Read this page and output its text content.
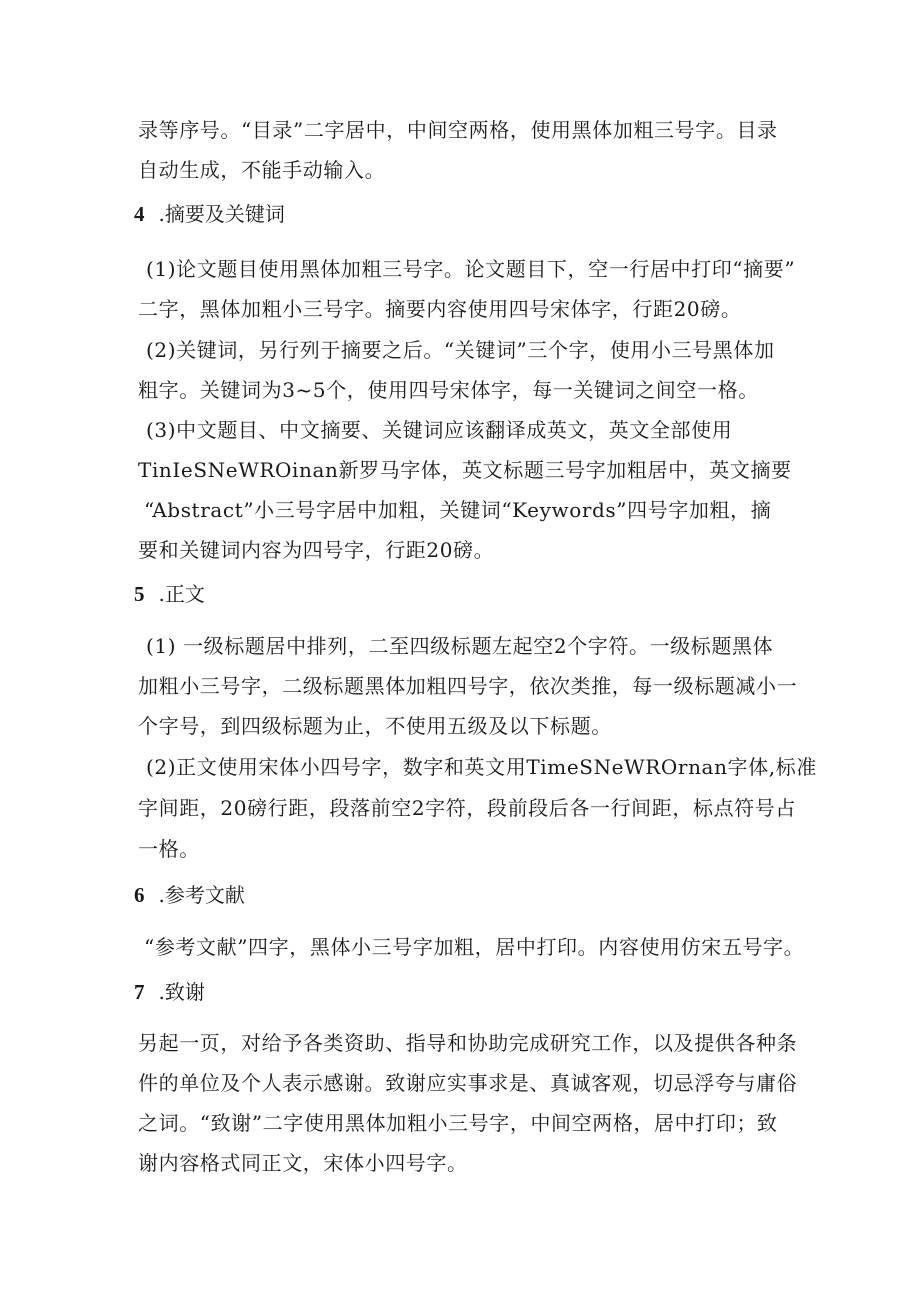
录等序号。“目录”二字居中，中间空两格，使用黑体加粗三号字。目录
自动生成，不能手动输入。
4 .摘要及关键词
(1)论文题目使用黑体加粗三号字。论文题目下，空一行居中打印“摘要”
二字，黑体加粗小三号字。摘要内容使用四号宋体字，行距20磅。
(2)关键词，另行列于摘要之后。“关键词”三个字，使用小三号黑体加
粗字。关键词为3~5个，使用四号宋体字，每一关键词之间空一格。
(3)中文题目、中文摘要、关键词应该翻译成英文，英文全部使用
TinIeSNeWROinan新罗马字体，英文标题三号字加粗居中，英文摘要
“Abstract”小三号字居中加粗，关键词“Keywords”四号字加粗，摘
要和关键词内容为四号字，行距20磅。
5 .正文
(1) 一级标题居中排列，二至四级标题左起空2个字符。一级标题黑体
加粗小三号字，二级标题黑体加粗四号字，依次类推，每一级标题减小一
个字号，到四级标题为止，不使用五级及以下标题。
(2)正文使用宋体小四号字，数字和英文用TimeSNeWROrnan字体,标准
字间距，20磅行距，段落前空2字符，段前段后各一行间距，标点符号占
一格。
6 .参考文献
“参考文献”四字，黑体小三号字加粗，居中打印。内容使用仿宋五号字。
7 .致谢
另起一页，对给予各类资助、指导和协助完成研究工作，以及提供各种条
件的单位及个人表示感谢。致谢应实事求是、真诚客观，切忌浮夸与庸俗
之词。“致谢”二字使用黑体加粗小三号字，中间空两格，居中打印；致
谢内容格式同正文，宋体小四号字。
